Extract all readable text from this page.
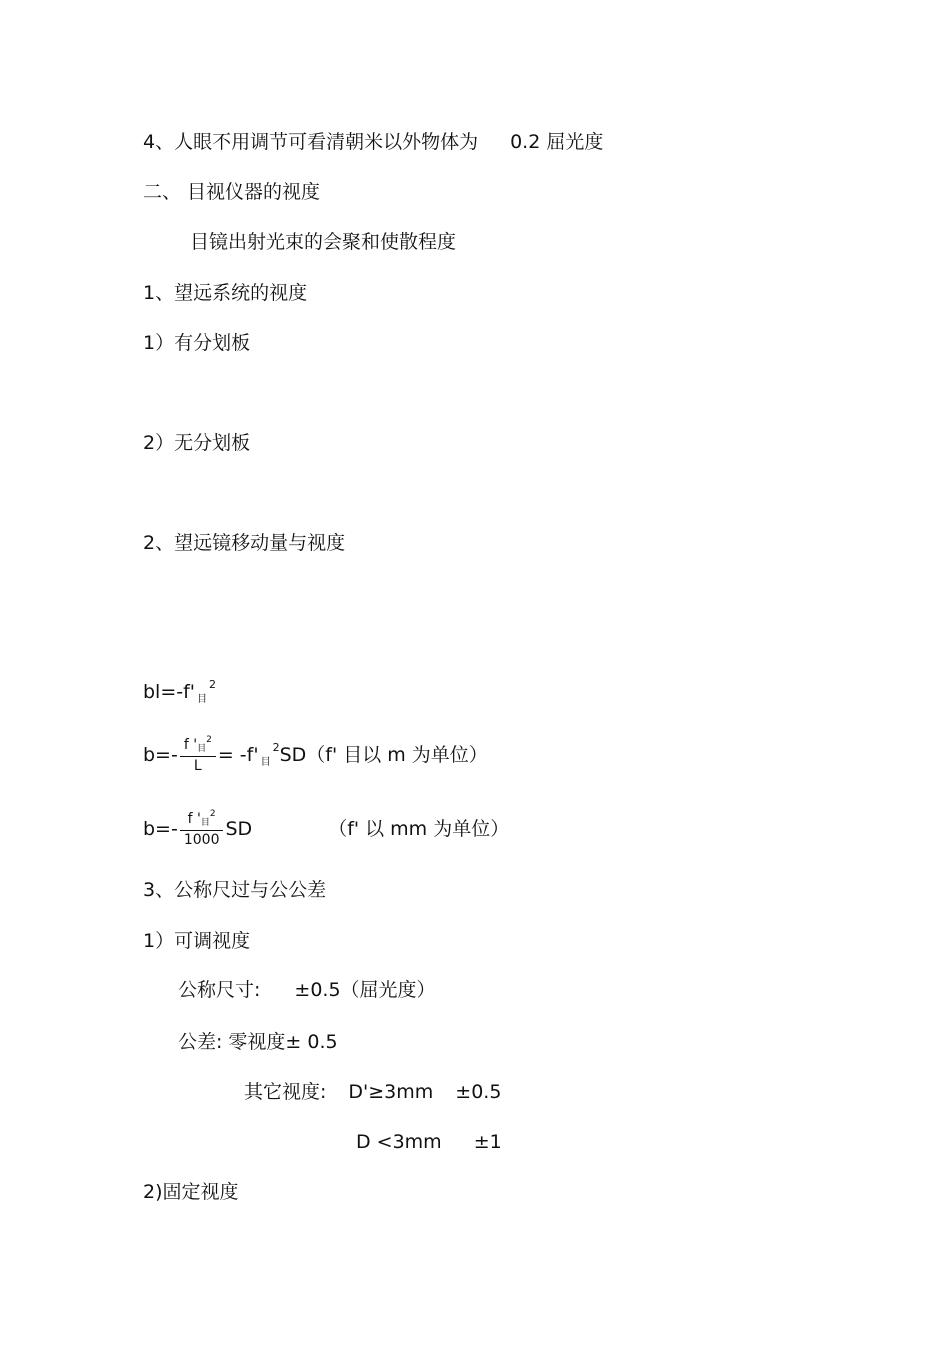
4、人眼不用调节可看清朝米以外物体为 0.2 屈光度
二、 目视仪器的视度
目镜出射光束的会聚和使散程度
1、望远系统的视度
1）有分划板
2）无分划板
2、望远镜移动量与视度
bl=-f' $_目^2$
$b=- \frac{f '目^2}{L} = -f'$ $_目^2$SD（f' 目以 m 为单位）
$b=- \frac{f '目^2}{1000}$ SD	（f' 以 mm 为单位）
3、公称尺过与公公差
1）可调视度
公称尺寸: ±0.5（屈光度）
公差: 零视度± 0.5
其它视度: D'≥3mm ±0.5
D <3mm ±1
2)固定视度
